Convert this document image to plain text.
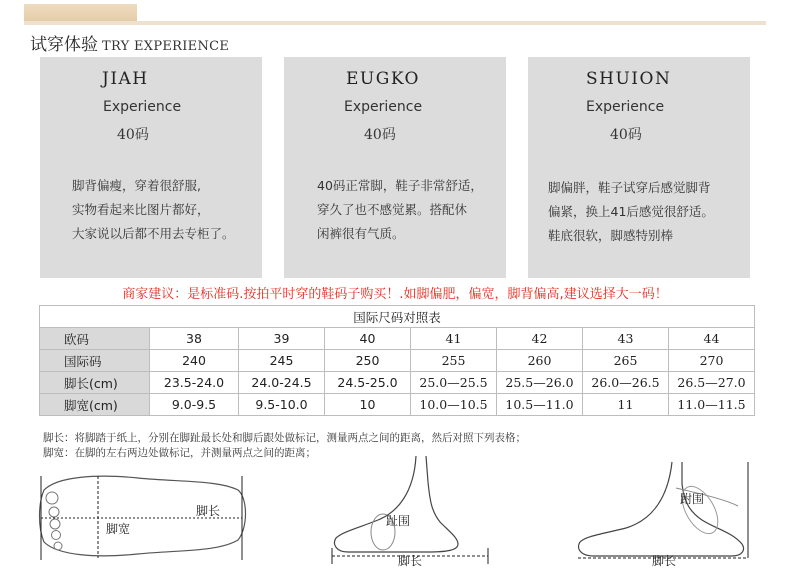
试穿体验 TRY EXPERIENCE
JIAH
Experience
40码
脚背偏瘦，穿着很舒服,
实物看起来比图片都好，
大家说以后都不用去专柜了。
EUGKO
Experience
40码
40码正常脚，鞋子非常舒适，
穿久了也不感觉累。搭配休
闲裤很有气质。
SHUION
Experience
40码
脚偏胖，鞋子试穿后感觉脚背
偏紧，换上41后感觉很舒适。
鞋底很软，脚感特别棒
商家建议：是标准码.按拍平时穿的鞋码子购买！.如脚偏肥，偏宽，脚背偏高,建议选择大一码！
国际尺码对照表							
欧码	38	39	40	41	42	43	44
国际码	240	245	250	255	260	265	270
脚长(cm)	23.5-24.0	24.0-24.5	24.5-25.0	25.0—25.5	25.5—26.0	26.0—26.5	26.5—27.0
脚宽(cm)	9.0-9.5	9.5-10.0	10	10.0—10.5	10.5—11.0	11	11.0—11.5
脚长：将脚踏于纸上，分别在脚趾最长处和脚后跟处做标记，测量两点之间的距离，然后对照下列表格；
脚宽：在脚的左右两边处做标记，并测量两点之间的距离；
脚长
脚宽
趾围
脚长
跗围
脚长
